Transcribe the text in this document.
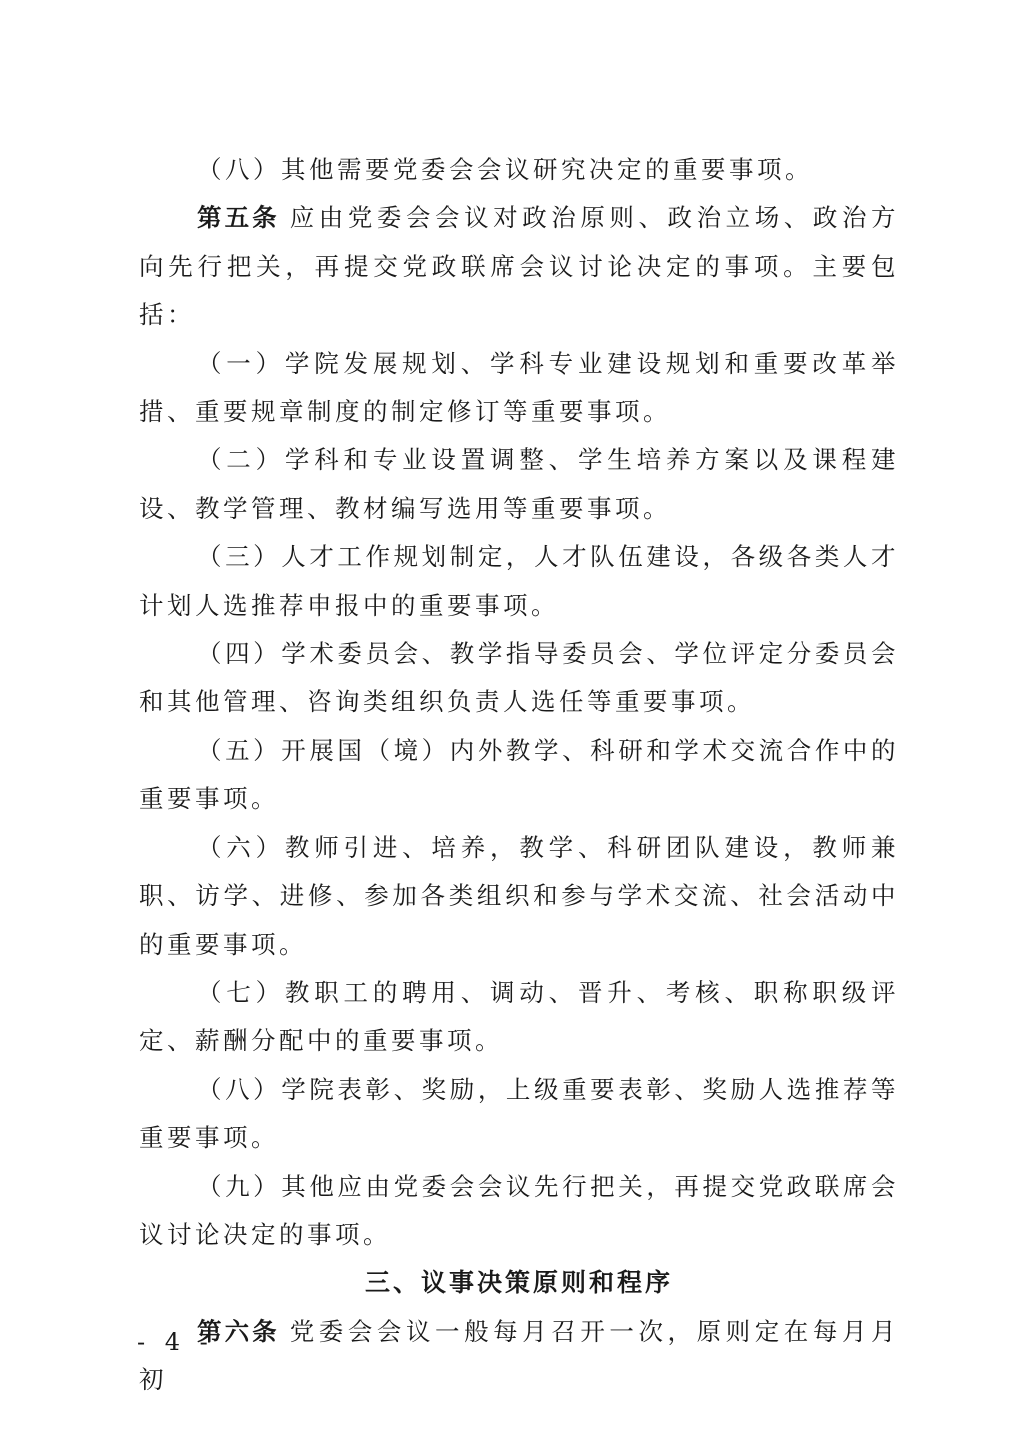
（八）其他需要党委会会议研究决定的重要事项。

第五条 应由党委会会议对政治原则、政治立场、政治方向先行把关，再提交党政联席会议讨论决定的事项。主要包括：

（一）学院发展规划、学科专业建设规划和重要改革举措、重要规章制度的制定修订等重要事项。

（二）学科和专业设置调整、学生培养方案以及课程建设、教学管理、教材编写选用等重要事项。

（三）人才工作规划制定，人才队伍建设，各级各类人才计划人选推荐申报中的重要事项。

（四）学术委员会、教学指导委员会、学位评定分委员会和其他管理、咨询类组织负责人选任等重要事项。

（五）开展国（境）内外教学、科研和学术交流合作中的重要事项。

（六）教师引进、培养，教学、科研团队建设，教师兼职、访学、进修、参加各类组织和参与学术交流、社会活动中的重要事项。

（七）教职工的聘用、调动、晋升、考核、职称职级评定、薪酬分配中的重要事项。

（八）学院表彰、奖励，上级重要表彰、奖励人选推荐等重要事项。

（九）其他应由党委会会议先行把关，再提交党政联席会议讨论决定的事项。

三、议事决策原则和程序

第六条 党委会会议一般每月召开一次，原则定在每月月初

- 4 -
